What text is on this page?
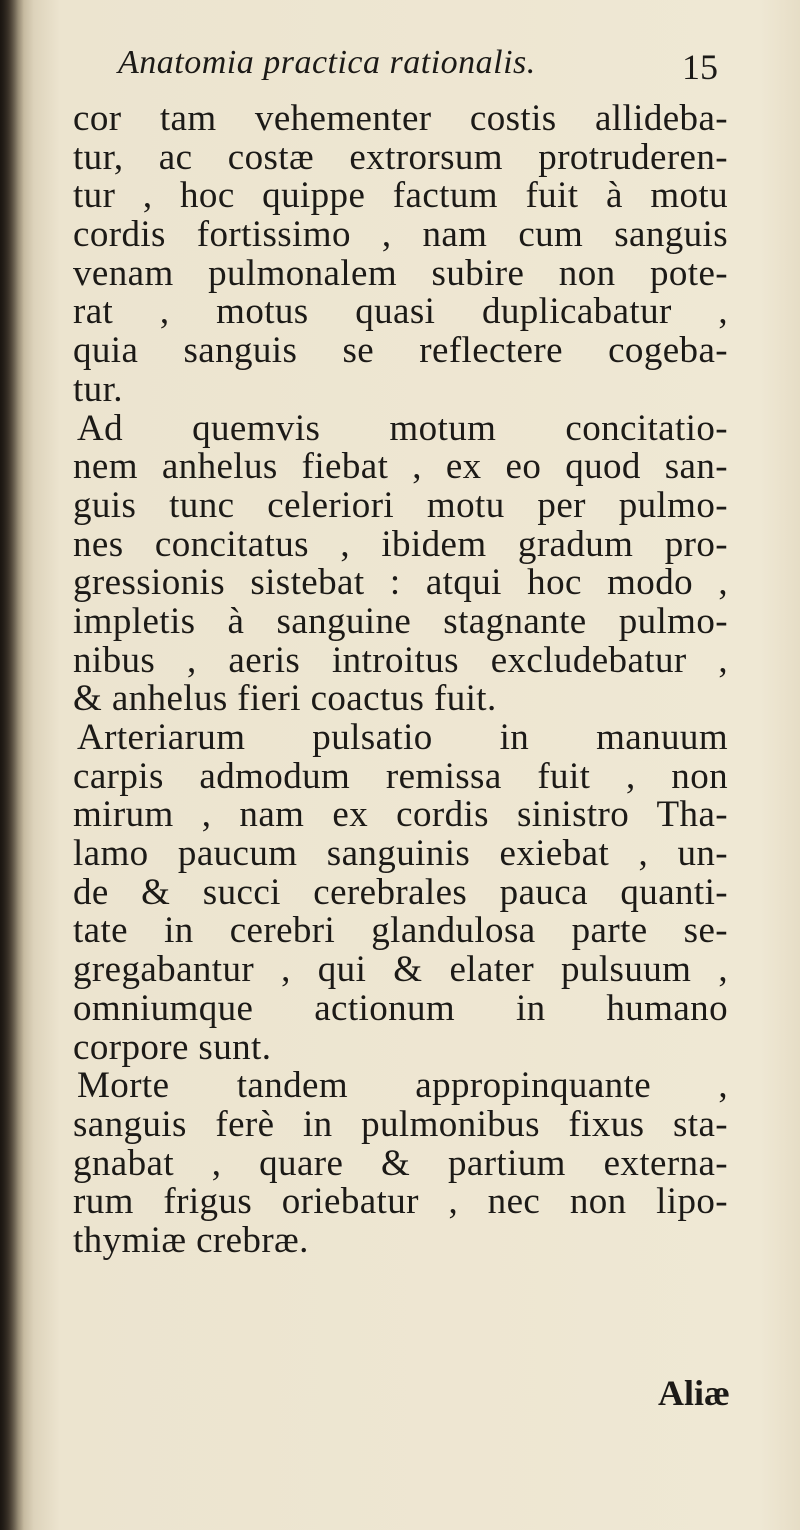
Anatomia practica rationalis.	15
cor tam vehementer costis allideba-
tur, ac costæ extrorsum protruderen-
tur , hoc quippe factum fuit à motu
cordis fortissimo , nam cum sanguis
venam pulmonalem subire non pote-
rat , motus quasi duplicabatur ,
quia sanguis se reflectere cogeba-
tur.
Ad quemvis motum concitatio-
nem anhelus fiebat , ex eo quod san-
guis tunc celeriori motu per pulmo-
nes concitatus , ibidem gradum pro-
gressionis sistebat : atqui hoc modo ,
impletis à sanguine stagnante pulmo-
nibus , aeris introitus excludebatur ,
& anhelus fieri coactus fuit.
Arteriarum pulsatio in manuum
carpis admodum remissa fuit , non
mirum , nam ex cordis sinistro Tha-
lamo paucum sanguinis exiebat , un-
de & succi cerebrales pauca quanti-
tate in cerebri glandulosa parte se-
gregabantur , qui & elater pulsuum ,
omniumque actionum in humano
corpore sunt.
Morte tandem appropinquante ,
sanguis ferè in pulmonibus fixus sta-
gnabat , quare & partium externa-
rum frigus oriebatur , nec non lipo-
thymiæ crebræ.
Aliæ
